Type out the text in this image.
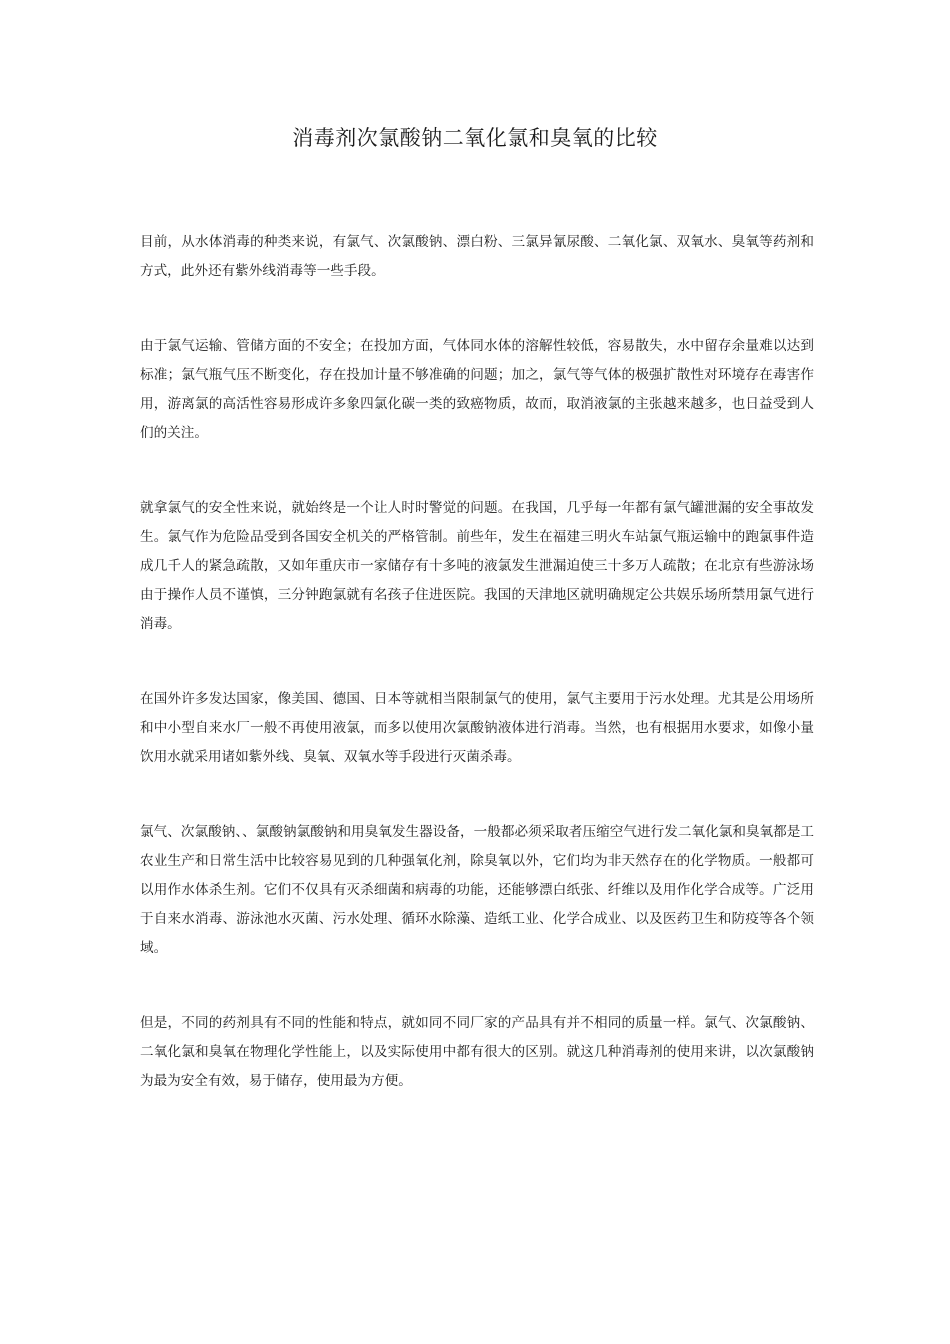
消毒剂次氯酸钠二氧化氯和臭氧的比较

目前，从水体消毒的种类来说，有氯气、次氯酸钠、漂白粉、三氯异氰尿酸、二氧化氯、双氧水、臭氧等药剂和方式，此外还有紫外线消毒等一些手段。

由于氯气运输、管储方面的不安全；在投加方面，气体同水体的溶解性较低，容易散失，水中留存余量难以达到标准；氯气瓶气压不断变化，存在投加计量不够准确的问题；加之，氯气等气体的极强扩散性对环境存在毒害作用，游离氯的高活性容易形成许多象四氯化碳一类的致癌物质，故而，取消液氯的主张越来越多，也日益受到人们的关注。

就拿氯气的安全性来说，就始终是一个让人时时警觉的问题。在我国，几乎每一年都有氯气罐泄漏的安全事故发生。氯气作为危险品受到各国安全机关的严格管制。前些年，发生在福建三明火车站氯气瓶运输中的跑氯事件造成几千人的紧急疏散，又如年重庆市一家储存有十多吨的液氯发生泄漏迫使三十多万人疏散；在北京有些游泳场由于操作人员不谨慎，三分钟跑氯就有名孩子住进医院。我国的天津地区就明确规定公共娱乐场所禁用氯气进行消毒。

在国外许多发达国家，像美国、德国、日本等就相当限制氯气的使用，氯气主要用于污水处理。尤其是公用场所和中小型自来水厂一般不再使用液氯，而多以使用次氯酸钠液体进行消毒。当然，也有根据用水要求，如像小量饮用水就采用诸如紫外线、臭氧、双氧水等手段进行灭菌杀毒。

氯气、次氯酸钠、、氯酸钠氯酸钠和用臭氧发生器设备，一般都必须采取者压缩空气进行发二氧化氯和臭氧都是工农业生产和日常生活中比较容易见到的几种强氧化剂，除臭氧以外，它们均为非天然存在的化学物质。一般都可以用作水体杀生剂。它们不仅具有灭杀细菌和病毒的功能，还能够漂白纸张、纤维以及用作化学合成等。广泛用于自来水消毒、游泳池水灭菌、污水处理、循环水除藻、造纸工业、化学合成业、以及医药卫生和防疫等各个领域。

但是，不同的药剂具有不同的性能和特点，就如同不同厂家的产品具有并不相同的质量一样。氯气、次氯酸钠、二氧化氯和臭氧在物理化学性能上，以及实际使用中都有很大的区别。就这几种消毒剂的使用来讲，以次氯酸钠为最为安全有效，易于储存，使用最为方便。
